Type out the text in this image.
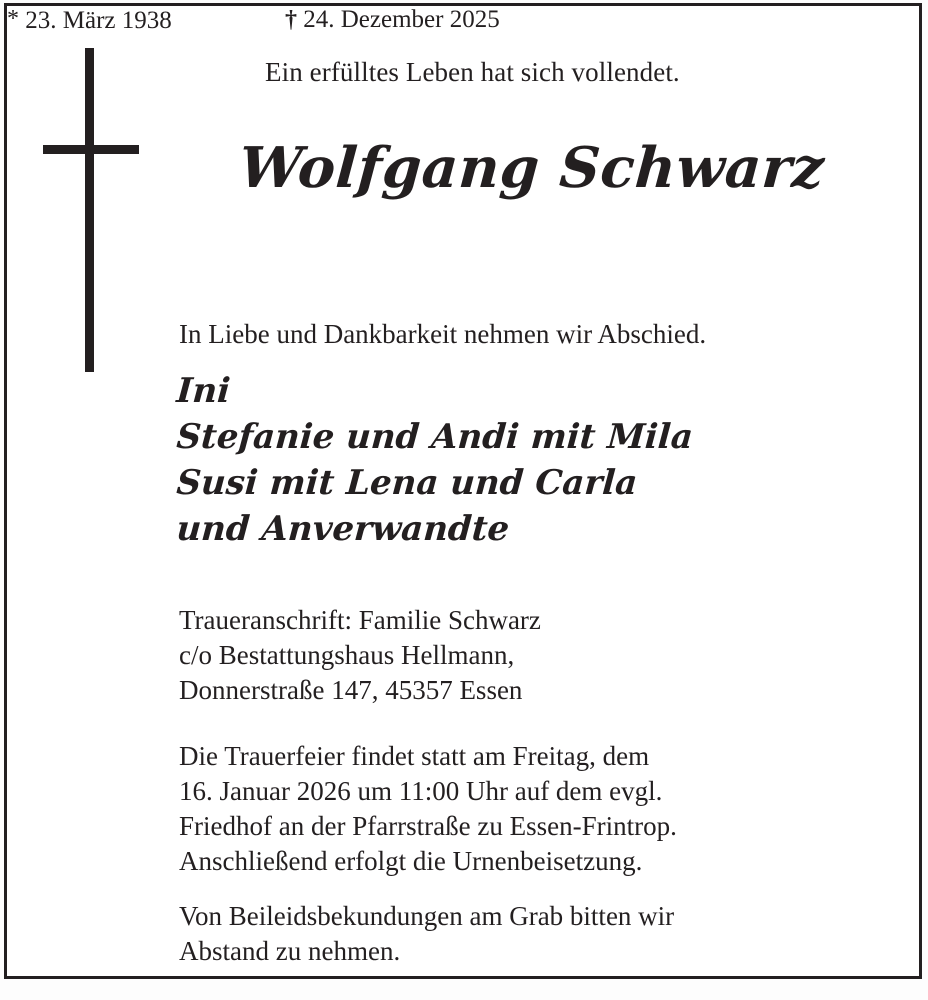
Ein erfülltes Leben hat sich vollendet.
Wolfgang Schwarz
* 23. März 1938	† 24. Dezember 2025
In Liebe und Dankbarkeit nehmen wir Abschied.
Ini
Stefanie und Andi mit Mila
Susi mit Lena und Carla
und Anverwandte
Traueranschrift: Familie Schwarz
c/o Bestattungshaus Hellmann,
Donnerstraße 147, 45357 Essen
Die Trauerfeier findet statt am Freitag, dem
16. Januar 2026 um 11:00 Uhr auf dem evgl.
Friedhof an der Pfarrstraße zu Essen-Frintrop.
Anschließend erfolgt die Urnenbeisetzung.
Von Beileidsbekundungen am Grab bitten wir
Abstand zu nehmen.
